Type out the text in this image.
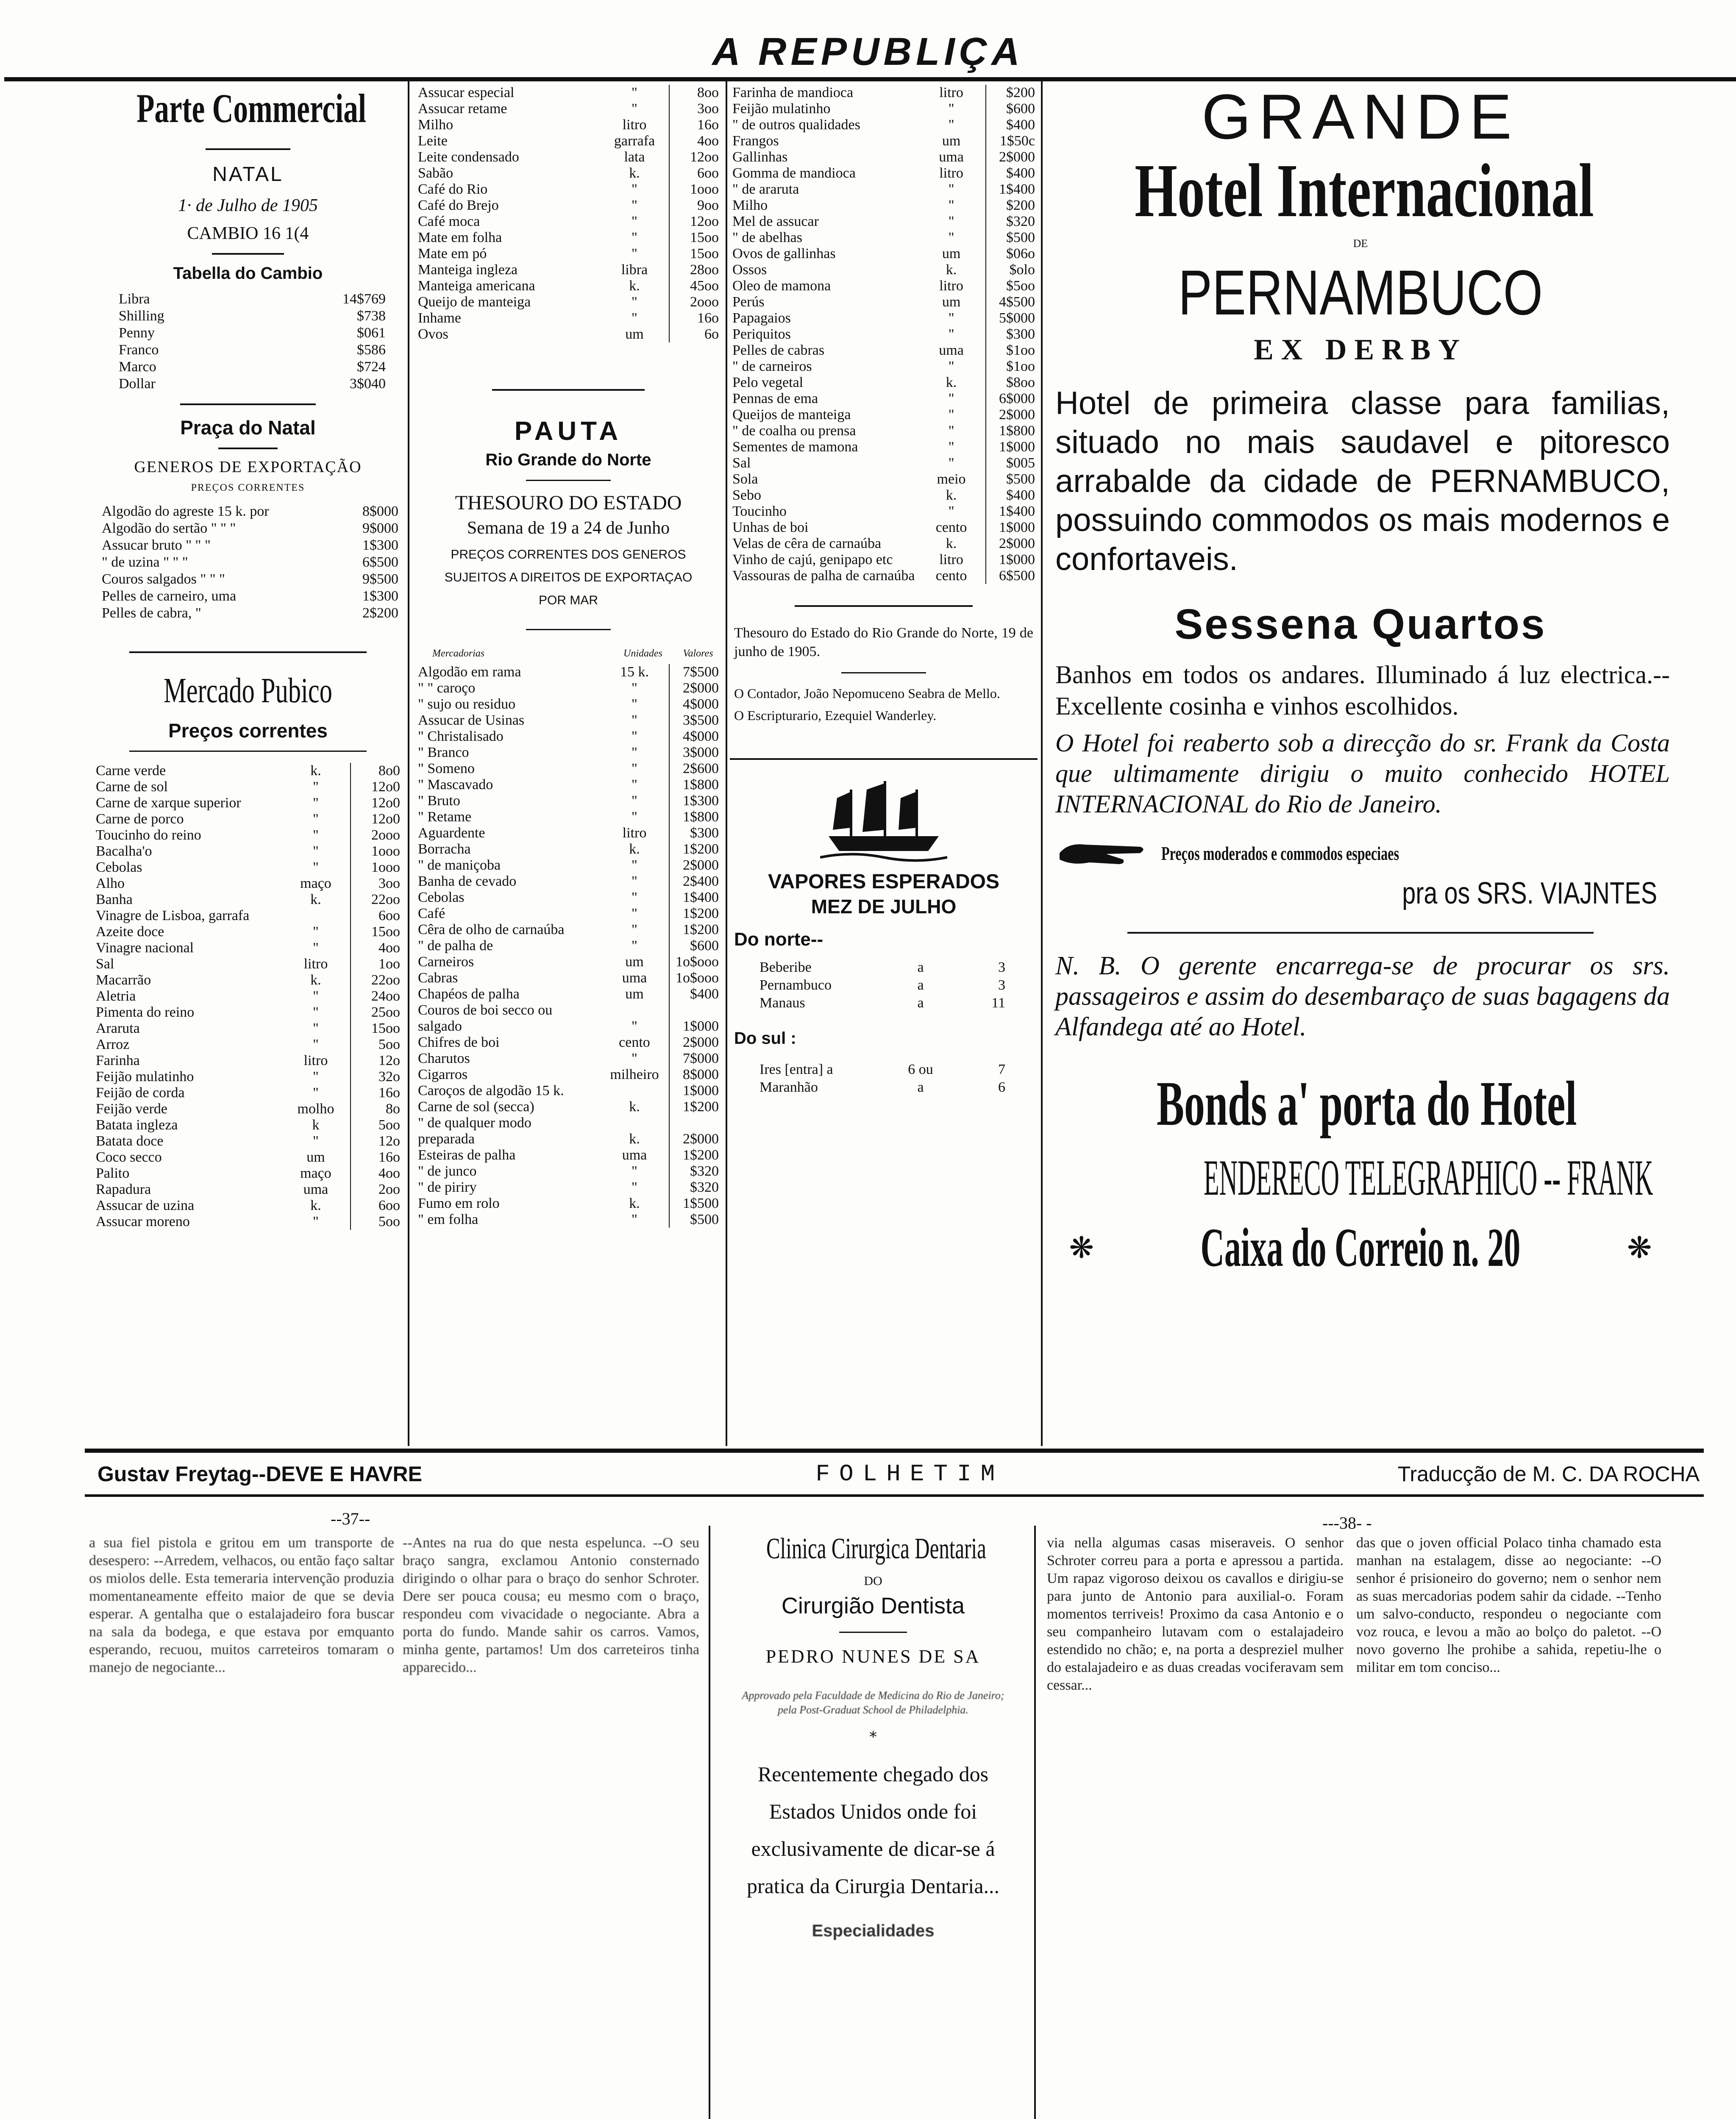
A REPUBLIÇA
Parte Commercial
NATAL
1· de Julho de 1905
CAMBIO 16 1(4
Tabella do Cambio
Libra	14$769
Shilling	$738
Penny	$061
Franco	$586
Marco	$724
Dollar	3$040
Praça do Natal
GENEROS DE EXPORTAÇÃO
PREÇOS CORRENTES
Algodão do agreste 15 k. por	8$000
Algodão do sertão " " "	9$000
Assucar bruto " " "	1$300
" de uzina " " "	6$500
Couros salgados " " "	9$500
Pelles de carneiro, uma	1$300
Pelles de cabra, "	2$200
Mercado Pubico
Preços correntes
Carne verde	k.	8o0
Carne de sol	"	12o0
Carne de xarque superior	"	12o0
Carne de porco	"	12o0
Toucinho do reino	"	2ooo
Bacalha'o	"	1ooo
Cebolas	"	1ooo
Alho	maço	3oo
Banha	k.	22oo
Vinagre de Lisboa, garrafa		6oo
Azeite doce	"	15oo
Vinagre nacional	"	4oo
Sal	litro	1oo
Macarrão	k.	22oo
Aletria	"	24oo
Pimenta do reino	"	25oo
Araruta	"	15oo
Arroz	"	5oo
Farinha	litro	12o
Feijão mulatinho	"	32o
Feijão de corda	"	16o
Feijão verde	molho	8o
Batata ingleza	k	5oo
Batata doce	"	12o
Coco secco	um	16o
Palito	maço	4oo
Rapadura	uma	2oo
Assucar de uzina	k.	6oo
Assucar moreno	"	5oo
Assucar especial	"	8oo
Assucar retame	"	3oo
Milho	litro	16o
Leite	garrafa	4oo
Leite condensado	lata	12oo
Sabão	k.	6oo
Café do Rio	"	1ooo
Café do Brejo	"	9oo
Café moca	"	12oo
Mate em folha	"	15oo
Mate em pó	"	15oo
Manteiga ingleza	libra	28oo
Manteiga americana	k.	45oo
Queijo de manteiga	"	2ooo
Inhame	"	16o
Ovos	um	6o
PAUTA
Rio Grande do Norte
THESOURO DO ESTADO
Semana de 19 a 24 de Junho
PREÇOS CORRENTES DOS GENEROS SUJEITOS A DIREITOS DE EXPORTAÇAO POR MAR
Mercadorias	Unidades	Valores
Algodão em rama	15 k.	7$500
" " caroço	"	2$000
" sujo ou residuo	"	4$000
Assucar de Usinas	"	3$500
" Christalisado	"	4$000
" Branco	"	3$000
" Someno	"	2$600
" Mascavado	"	1$800
" Bruto	"	1$300
" Retame	"	1$800
Aguardente	litro	$300
Borracha	k.	1$200
" de maniçoba	"	2$000
Banha de cevado	"	2$400
Cebolas	"	1$400
Café	"	1$200
Cêra de olho de carnaúba	"	1$200
" de palha de	"	$600
Carneiros	um	1o$ooo
Cabras	uma	1o$ooo
Chapéos de palha	um	$400
Couros de boi secco ou		
salgado	"	1$000
Chifres de boi	cento	2$000
Charutos	"	7$000
Cigarros	milheiro	8$000
Caroços de algodão 15 k.		1$000
Carne de sol (secca)	k.	1$200
" de qualquer modo		
preparada	k.	2$000
Esteiras de palha	uma	1$200
" de junco	"	$320
" de piriry	"	$320
Fumo em rolo	k.	1$500
" em folha	"	$500
Farinha de mandioca	litro	$200
Feijão mulatinho	"	$600
" de outros qualidades	"	$400
Frangos	um	1$50c
Gallinhas	uma	2$000
Gomma de mandioca	litro	$400
" de araruta	"	1$400
Milho	"	$200
Mel de assucar	"	$320
" de abelhas	"	$500
Ovos de gallinhas	um	$06o
Ossos	k.	$olo
Oleo de mamona	litro	$5oo
Perús	um	4$500
Papagaios	"	5$000
Periquitos	"	$300
Pelles de cabras	uma	$1oo
" de carneiros	"	$1oo
Pelo vegetal	k.	$8oo
Pennas de ema	"	6$000
Queijos de manteiga	"	2$000
" de coalha ou prensa	"	1$800
Sementes de mamona	"	1$000
Sal	"	$005
Sola	meio	$500
Sebo	k.	$400
Toucinho	"	1$400
Unhas de boi	cento	1$000
Velas de cêra de carnaúba	k.	2$000
Vinho de cajú, genipapo etc	litro	1$000
Vassouras de palha de carnaúba	cento	6$500
Thesouro do Estado do Rio Grande do Norte, 19 de junho de 1905.
O Contador, João Nepomuceno Seabra de Mello.
O Escripturario, Ezequiel Wanderley.
VAPORES ESPERADOS
MEZ DE JULHO
Do norte--
Beberibe	a	3
Pernambuco	a	3
Manaus	a	11
Do sul :
Ires [entra] a	6 ou	7
Maranhão	a	6
GRANDE
Hotel Internacional
DE
PERNAMBUCO
EX DERBY
Hotel de primeira classe para familias, situado no mais saudavel e pitoresco arrabalde da cidade de PERNAMBUCO, possuindo commodos os mais modernos e confortaveis.
Sessena Quartos
Banhos em todos os andares. Illuminado á luz electrica.--Excellente cosinha e vinhos escolhidos.
O Hotel foi reaberto sob a direcção do sr. Frank da Costa que ultimamente dirigiu o muito conhecido HOTEL INTERNACIONAL do Rio de Janeiro.
Preços moderados e commodos especiaes
pra os SRS. VIAJNTES
N. B. O gerente encarrega-se de procurar os srs. passageiros e assim do desembaraço de suas bagagens da Alfandega até ao Hotel.
Bonds a' porta do Hotel
ENDERECO TELEGRAPHICO -- FRANK
❋ Caixa do Correio n. 20	❋
Gustav Freytag--DEVE E HAVRE	FOLHETIM	Traducção de M. C. DA ROCHA
--37--	---38- -
a sua fiel pistola e gritou em um transporte de desespero: --Arredem, velhacos, ou então faço saltar os miolos delle. Esta temeraria intervenção produzia momentaneamente effeito maior de que se devia esperar. A gentalha que o estalajadeiro fora buscar na sala da bodega, e que estava por emquanto esperando, recuou, muitos carreteiros tomaram o manejo de negociante...
--Antes na rua do que nesta espelunca. --O seu braço sangra, exclamou Antonio consternado dirigindo o olhar para o braço do senhor Schroter. Dere ser pouca cousa; eu mesmo com o braço, respondeu com vivacidade o negociante. Abra a porta do fundo. Mande sahir os carros. Vamos, minha gente, partamos! Um dos carreteiros tinha apparecido...
via nella algumas casas miseraveis. O senhor Schroter correu para a porta e apressou a partida. Um rapaz vigoroso deixou os cavallos e dirigiu-se para junto de Antonio para auxilial-o. Foram momentos terriveis! Proximo da casa Antonio e o seu companheiro lutavam com o estalajadeiro estendido no chão; e, na porta a despreziel mulher do estalajadeiro e as duas creadas vociferavam sem cessar...
das que o joven official Polaco tinha chamado esta manhan na estalagem, disse ao negociante: --O senhor é prisioneiro do governo; nem o senhor nem as suas mercadorias podem sahir da cidade. --Tenho um salvo-conducto, respondeu o negociante com voz rouca, e levou a mão ao bolço do paletot. --O novo governo lhe prohibe a sahida, repetiu-lhe o militar em tom conciso...
Clinica Cirurgica Dentaria
DO
Cirurgião Dentista
PEDRO NUNES DE SA
Approvado pela Faculdade de Medicina do Rio de Janeiro; pela Post-Graduat School de Philadelphia.
∗
Recentemente chegado dos Estados Unidos onde foi exclusivamente de dicar-se á pratica da Cirurgia Dentaria...
Especialidades
